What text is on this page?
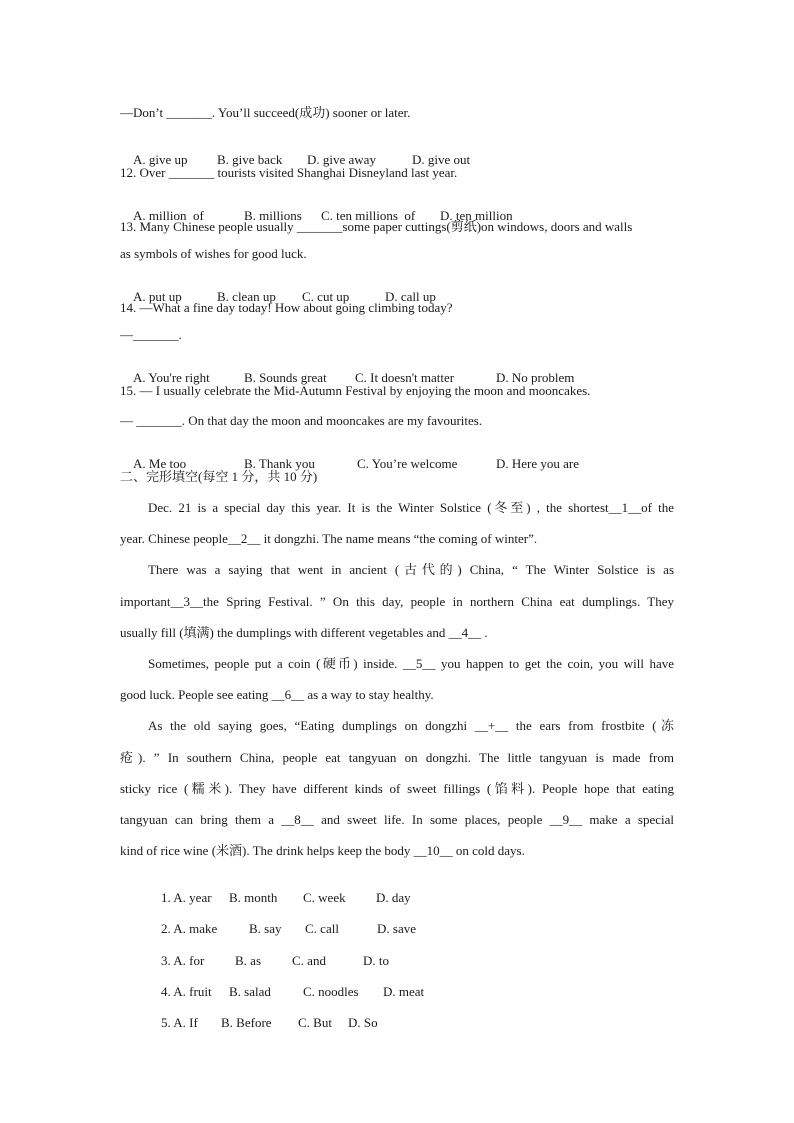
—Don’t _______. You’ll succeed(成功) sooner or later.

A. give up B. give back D. give away	D. give out

12. Over _______ tourists visited Shanghai Disneyland last year.

A. million  of	B. millions C. ten millions  of D. ten million

13. Many Chinese people usually _______some paper cuttings(剪纸)on windows, doors and walls
as symbols of wishes for good luck.

A. put up	B. clean up C. cut up	D. call up

14. —What a fine day today! How about going climbing today?
—_______.

A. You're right	B. Sounds great C. It doesn't matter	D. No problem

15. — I usually celebrate the Mid-Autumn Festival by enjoying the moon and mooncakes.
— _______. On that day the moon and mooncakes are my favourites.

A. Me too	B. Thank you	C. You’re welcome	D. Here you are

二、完形填空(每空 1 分，共 10 分)
Dec. 21 is a special day this year. It is the Winter Solstice (冬至) , the shortest__1__of the
year. Chinese people__2__ it dongzhi. The name means “the coming of winter”.
There was a saying that went in ancient (古代的) China, “ The Winter Solstice is as
important__3__the Spring Festival. ” On this day, people in northern China eat dumplings. They
usually fill (填满) the dumplings with different vegetables and __4__ .
Sometimes, people put a coin (硬币) inside. __5__ you happen to get the coin, you will have
good luck. People see eating __6__ as a way to stay healthy.
As the old saying goes, “Eating dumplings on dongzhi __+__ the ears from frostbite (冻
疮). ” In southern China, people eat tangyuan on dongzhi. The little tangyuan is made from
sticky rice (糯米). They have different kinds of sweet fillings (馅料). People hope that eating
tangyuan can bring them a __8__ and sweet life. In some places, people __9__ make a special
kind of rice wine (米酒). The drink helps keep the body __10__ on cold days.

1. A. year B. month C. week D. day

2. A. make B. say C. call	D. save

3. A. for B. as C. and	D. to

4. A. fruit B. salad C. noodles D. meat

5. A. If B. Before C. But D. So
